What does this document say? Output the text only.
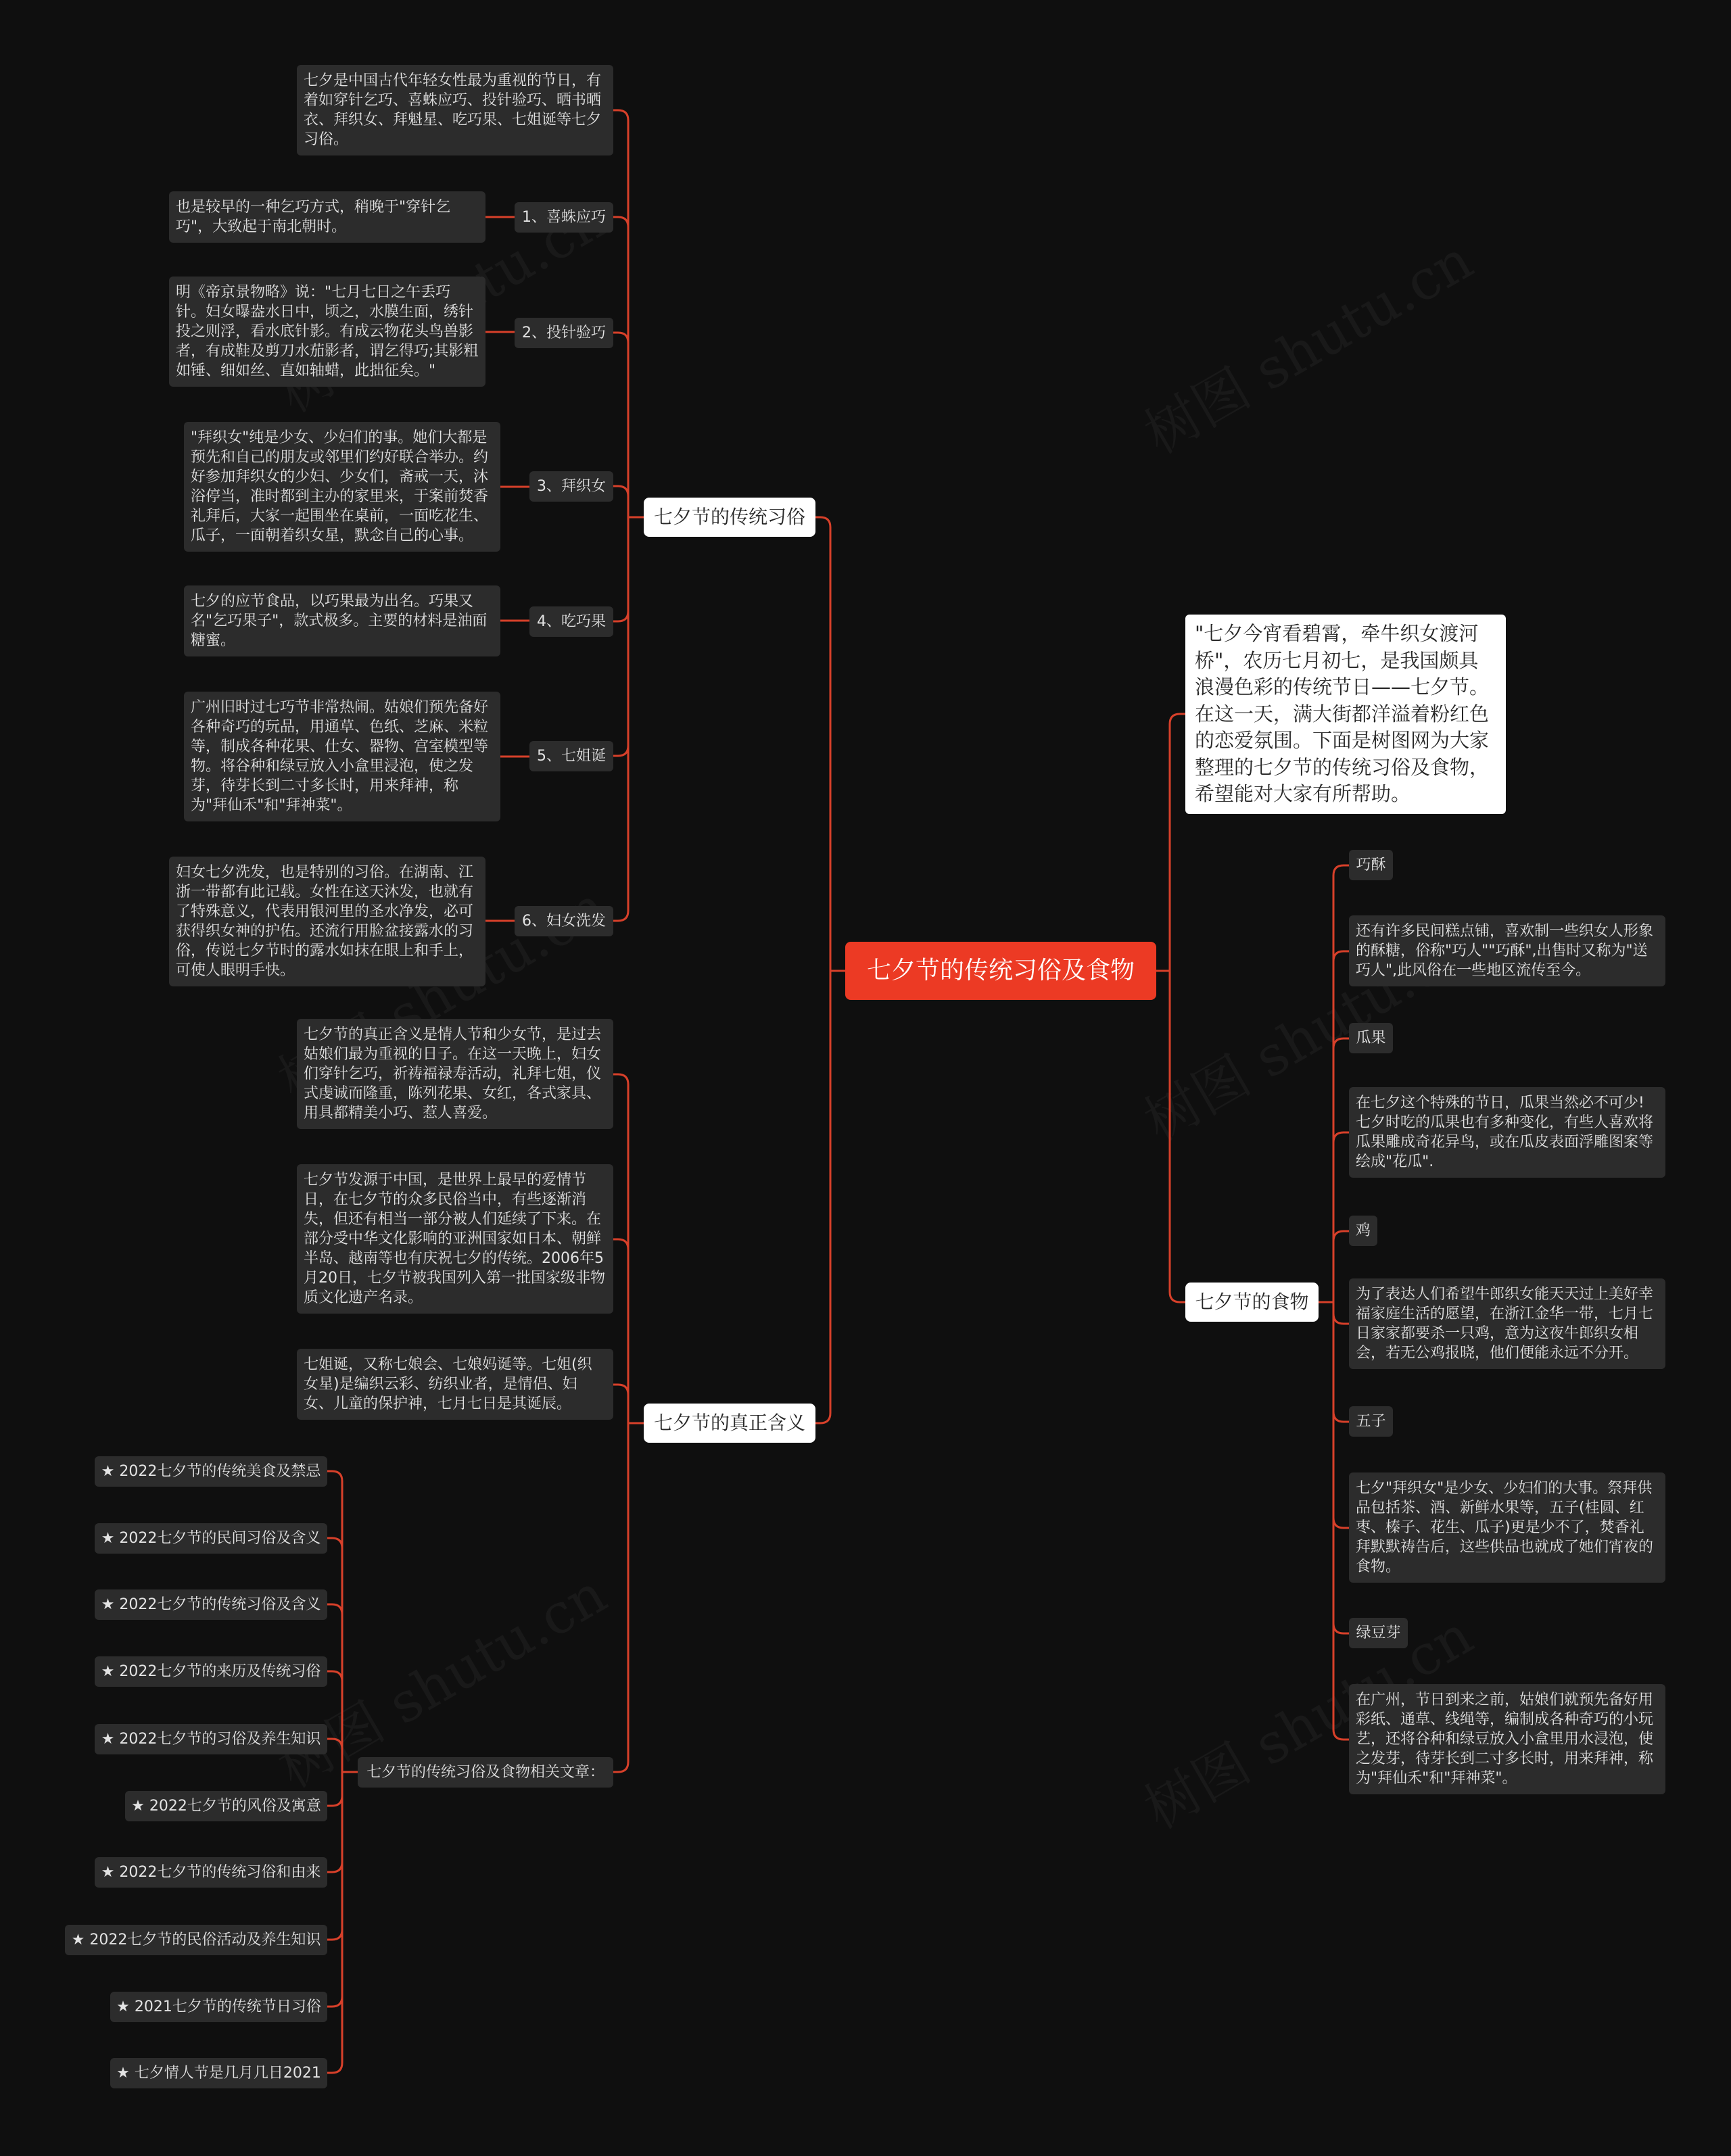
七夕节的传统习俗及食物
七夕节的传统习俗
七夕是中国古代年轻女性最为重视的节日，有着如穿针乞巧、喜蛛应巧、投针验巧、晒书晒衣、拜织女、拜魁星、吃巧果、七姐诞等七夕习俗。
1、喜蛛应巧
也是较早的一种乞巧方式，稍晚于"穿针乞巧"，大致起于南北朝时。
2、投针验巧
明《帝京景物略》说："七月七日之午丢巧针。妇女曝盎水日中，顷之，水膜生面，绣针投之则浮，看水底针影。有成云物花头鸟兽影者，有成鞋及剪刀水茄影者，谓乞得巧;其影粗如锤、细如丝、直如轴蜡，此拙征矣。"
3、拜织女
"拜织女"纯是少女、少妇们的事。她们大都是预先和自己的朋友或邻里们约好联合举办。约好参加拜织女的少妇、少女们，斋戒一天，沐浴停当，准时都到主办的家里来，于案前焚香礼拜后，大家一起围坐在桌前，一面吃花生、瓜子，一面朝着织女星，默念自己的心事。
4、吃巧果
七夕的应节食品，以巧果最为出名。巧果又名"乞巧果子"，款式极多。主要的材料是油面糖蜜。
5、七姐诞
广州旧时过七巧节非常热闹。姑娘们预先备好各种奇巧的玩品，用通草、色纸、芝麻、米粒等，制成各种花果、仕女、器物、宫室模型等物。将谷种和绿豆放入小盒里浸泡，使之发芽，待芽长到二寸多长时，用来拜神，称为"拜仙禾"和"拜神菜"。
6、妇女洗发
妇女七夕洗发，也是特别的习俗。在湖南、江浙一带都有此记载。女性在这天沐发，也就有了特殊意义，代表用银河里的圣水净发，必可获得织女神的护佑。还流行用脸盆接露水的习俗，传说七夕节时的露水如抹在眼上和手上，可使人眼明手快。
七夕节的真正含义
七夕节的真正含义是情人节和少女节，是过去姑娘们最为重视的日子。在这一天晚上，妇女们穿针乞巧，祈祷福禄寿活动，礼拜七姐，仪式虔诚而隆重，陈列花果、女红，各式家具、用具都精美小巧、惹人喜爱。
七夕节发源于中国，是世界上最早的爱情节日，在七夕节的众多民俗当中，有些逐渐消失，但还有相当一部分被人们延续了下来。在部分受中华文化影响的亚洲国家如日本、朝鲜半岛、越南等也有庆祝七夕的传统。2006年5月20日，七夕节被我国列入第一批国家级非物质文化遗产名录。
七姐诞，又称七娘会、七娘妈诞等。七姐(织女星)是编织云彩、纺织业者，是情侣、妇女、儿童的保护神，七月七日是其诞辰。
七夕节的传统习俗及食物相关文章：
★ 2022七夕节的传统美食及禁忌
★ 2022七夕节的民间习俗及含义
★ 2022七夕节的传统习俗及含义
★ 2022七夕节的来历及传统习俗
★ 2022七夕节的习俗及养生知识
★ 2022七夕节的风俗及寓意
★ 2022七夕节的传统习俗和由来
★ 2022七夕节的民俗活动及养生知识
★ 2021七夕节的传统节日习俗
★ 七夕情人节是几月几日2021
"七夕今宵看碧霄，牵牛织女渡河桥"，农历七月初七，是我国颇具浪漫色彩的传统节日——七夕节。在这一天，满大街都洋溢着粉红色的恋爱氛围。下面是树图网为大家整理的七夕节的传统习俗及食物，希望能对大家有所帮助。
七夕节的食物
巧酥
还有许多民间糕点铺，喜欢制一些织女人形象的酥糖，俗称"巧人""巧酥",出售时又称为"送巧人",此风俗在一些地区流传至今。
瓜果
在七夕这个特殊的节日，瓜果当然必不可少!七夕时吃的瓜果也有多种变化，有些人喜欢将瓜果雕成奇花异鸟，或在瓜皮表面浮雕图案等绘成"花瓜".
鸡
为了表达人们希望牛郎织女能天天过上美好幸福家庭生活的愿望，在浙江金华一带，七月七日家家都要杀一只鸡，意为这夜牛郎织女相会，若无公鸡报晓，他们便能永远不分开。
五子
七夕"拜织女"是少女、少妇们的大事。祭拜供品包括茶、酒、新鲜水果等，五子(桂圆、红枣、榛子、花生、瓜子)更是少不了，焚香礼拜默默祷告后，这些供品也就成了她们宵夜的食物。
绿豆芽
在广州，节日到来之前，姑娘们就预先备好用彩纸、通草、线绳等，编制成各种奇巧的小玩艺，还将谷种和绿豆放入小盒里用水浸泡，使之发芽，待芽长到二寸多长时，用来拜神，称为"拜仙禾"和"拜神菜"。
